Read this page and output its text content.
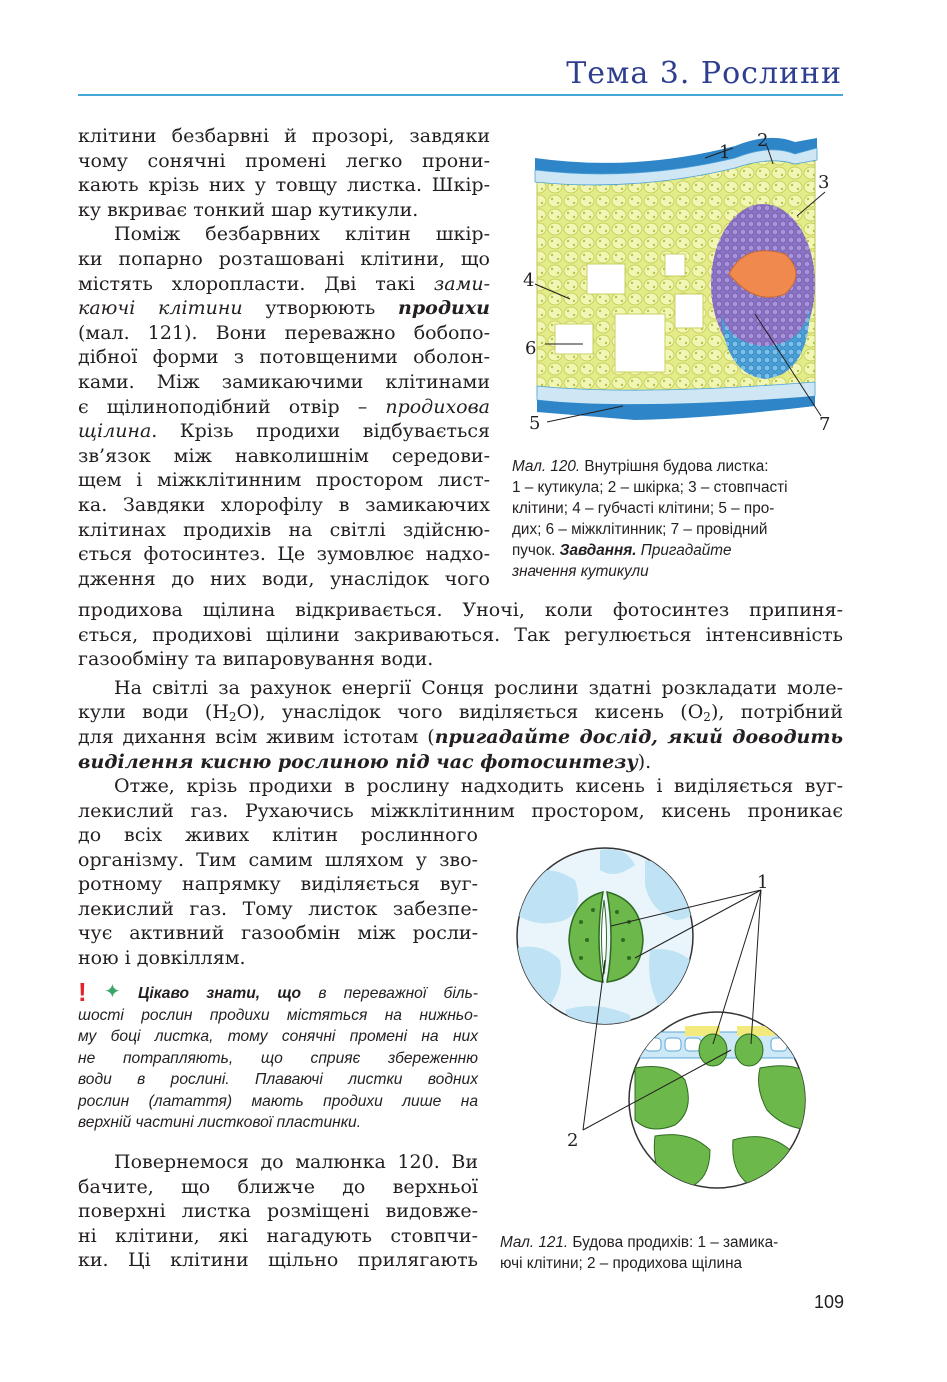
Тема 3. Рослини

клітини безбарвні й прозорі, завдяки

чому сонячні промені легко прони-

кають крізь них у товщу листка. Шкір-

ку вкриває тонкий шар кутикули.

Поміж безбарвних клітин шкір-

ки попарно розташовані клітини, що

містять хлоропласти. Дві такі зами-

каючі клітини утворюють продихи

(мал. 121). Вони переважно бобопо-

дібної форми з потовщеними оболон-

ками. Між замикаючими клітинами

є щілиноподібний отвір – продихова

щілина. Крізь продихи відбувається

зв’язок між навколишнім середови-

щем і міжклітинним простором лист-

ка. Завдяки хлорофілу в замикаючих

клітинах продихів на світлі здійсню-

ється фотосинтез. Це зумовлює надхо-

дження до них води, унаслідок чого

1
2
3
4
6
5	7
Мал. 120. Внутрішня будова листка:
1 – кутикула; 2 – шкірка; 3 – стовпчасті
клітини; 4 – губчасті клітини; 5 – про-
дих; 6 – міжклітинник; 7 – провідний
пучок. Завдання. Пригадайте
значення кутикули

продихова щілина відкривається. Уночі, коли фотосинтез припиня-

ється, продихові щілини закриваються. Так регулюється інтенсивність

газообміну та випаровування води.

На світлі за рахунок енергії Сонця рослини здатні розкладати моле-

кули води $(H_2O)$, унаслідок чого виділяється кисень $(O_2)$, потрібний

для дихання всім живим істотам (пригадайте дослід, який доводить

виділення кисню рослиною під час фотосинтезу).

Отже, крізь продихи в рослину надходить кисень і виділяється вуг-

лекислий газ. Рухаючись міжклітинним простором, кисень проникає

до всіх живих клітин рослинного

організму. Тим самим шляхом у зво-

ротному напрямку виділяється вуг-

лекислий газ. Тому листок забезпе-

чує активний газообмін між росли-

ною і довкіллям.

! ✦ Цікаво знати, що в переважної біль-
шості рослин продихи містяться на нижньо-
му боці листка, тому сонячні промені на них
не потрапляють, що сприяє збереженню
води в рослині. Плаваючі листки водних
рослин (латаття) мають продихи лише на
верхній частині листкової пластинки.

Повернемося до малюнка 120. Ви

бачите, що ближче до верхньої

поверхні листка розміщені видовже-

ні клітини, які нагадують стовпчи-

ки. Ці клітини щільно прилягають

1
2
Мал. 121. Будова продихів: 1 – замика-
ючі клітини; 2 – продихова щілина
109
